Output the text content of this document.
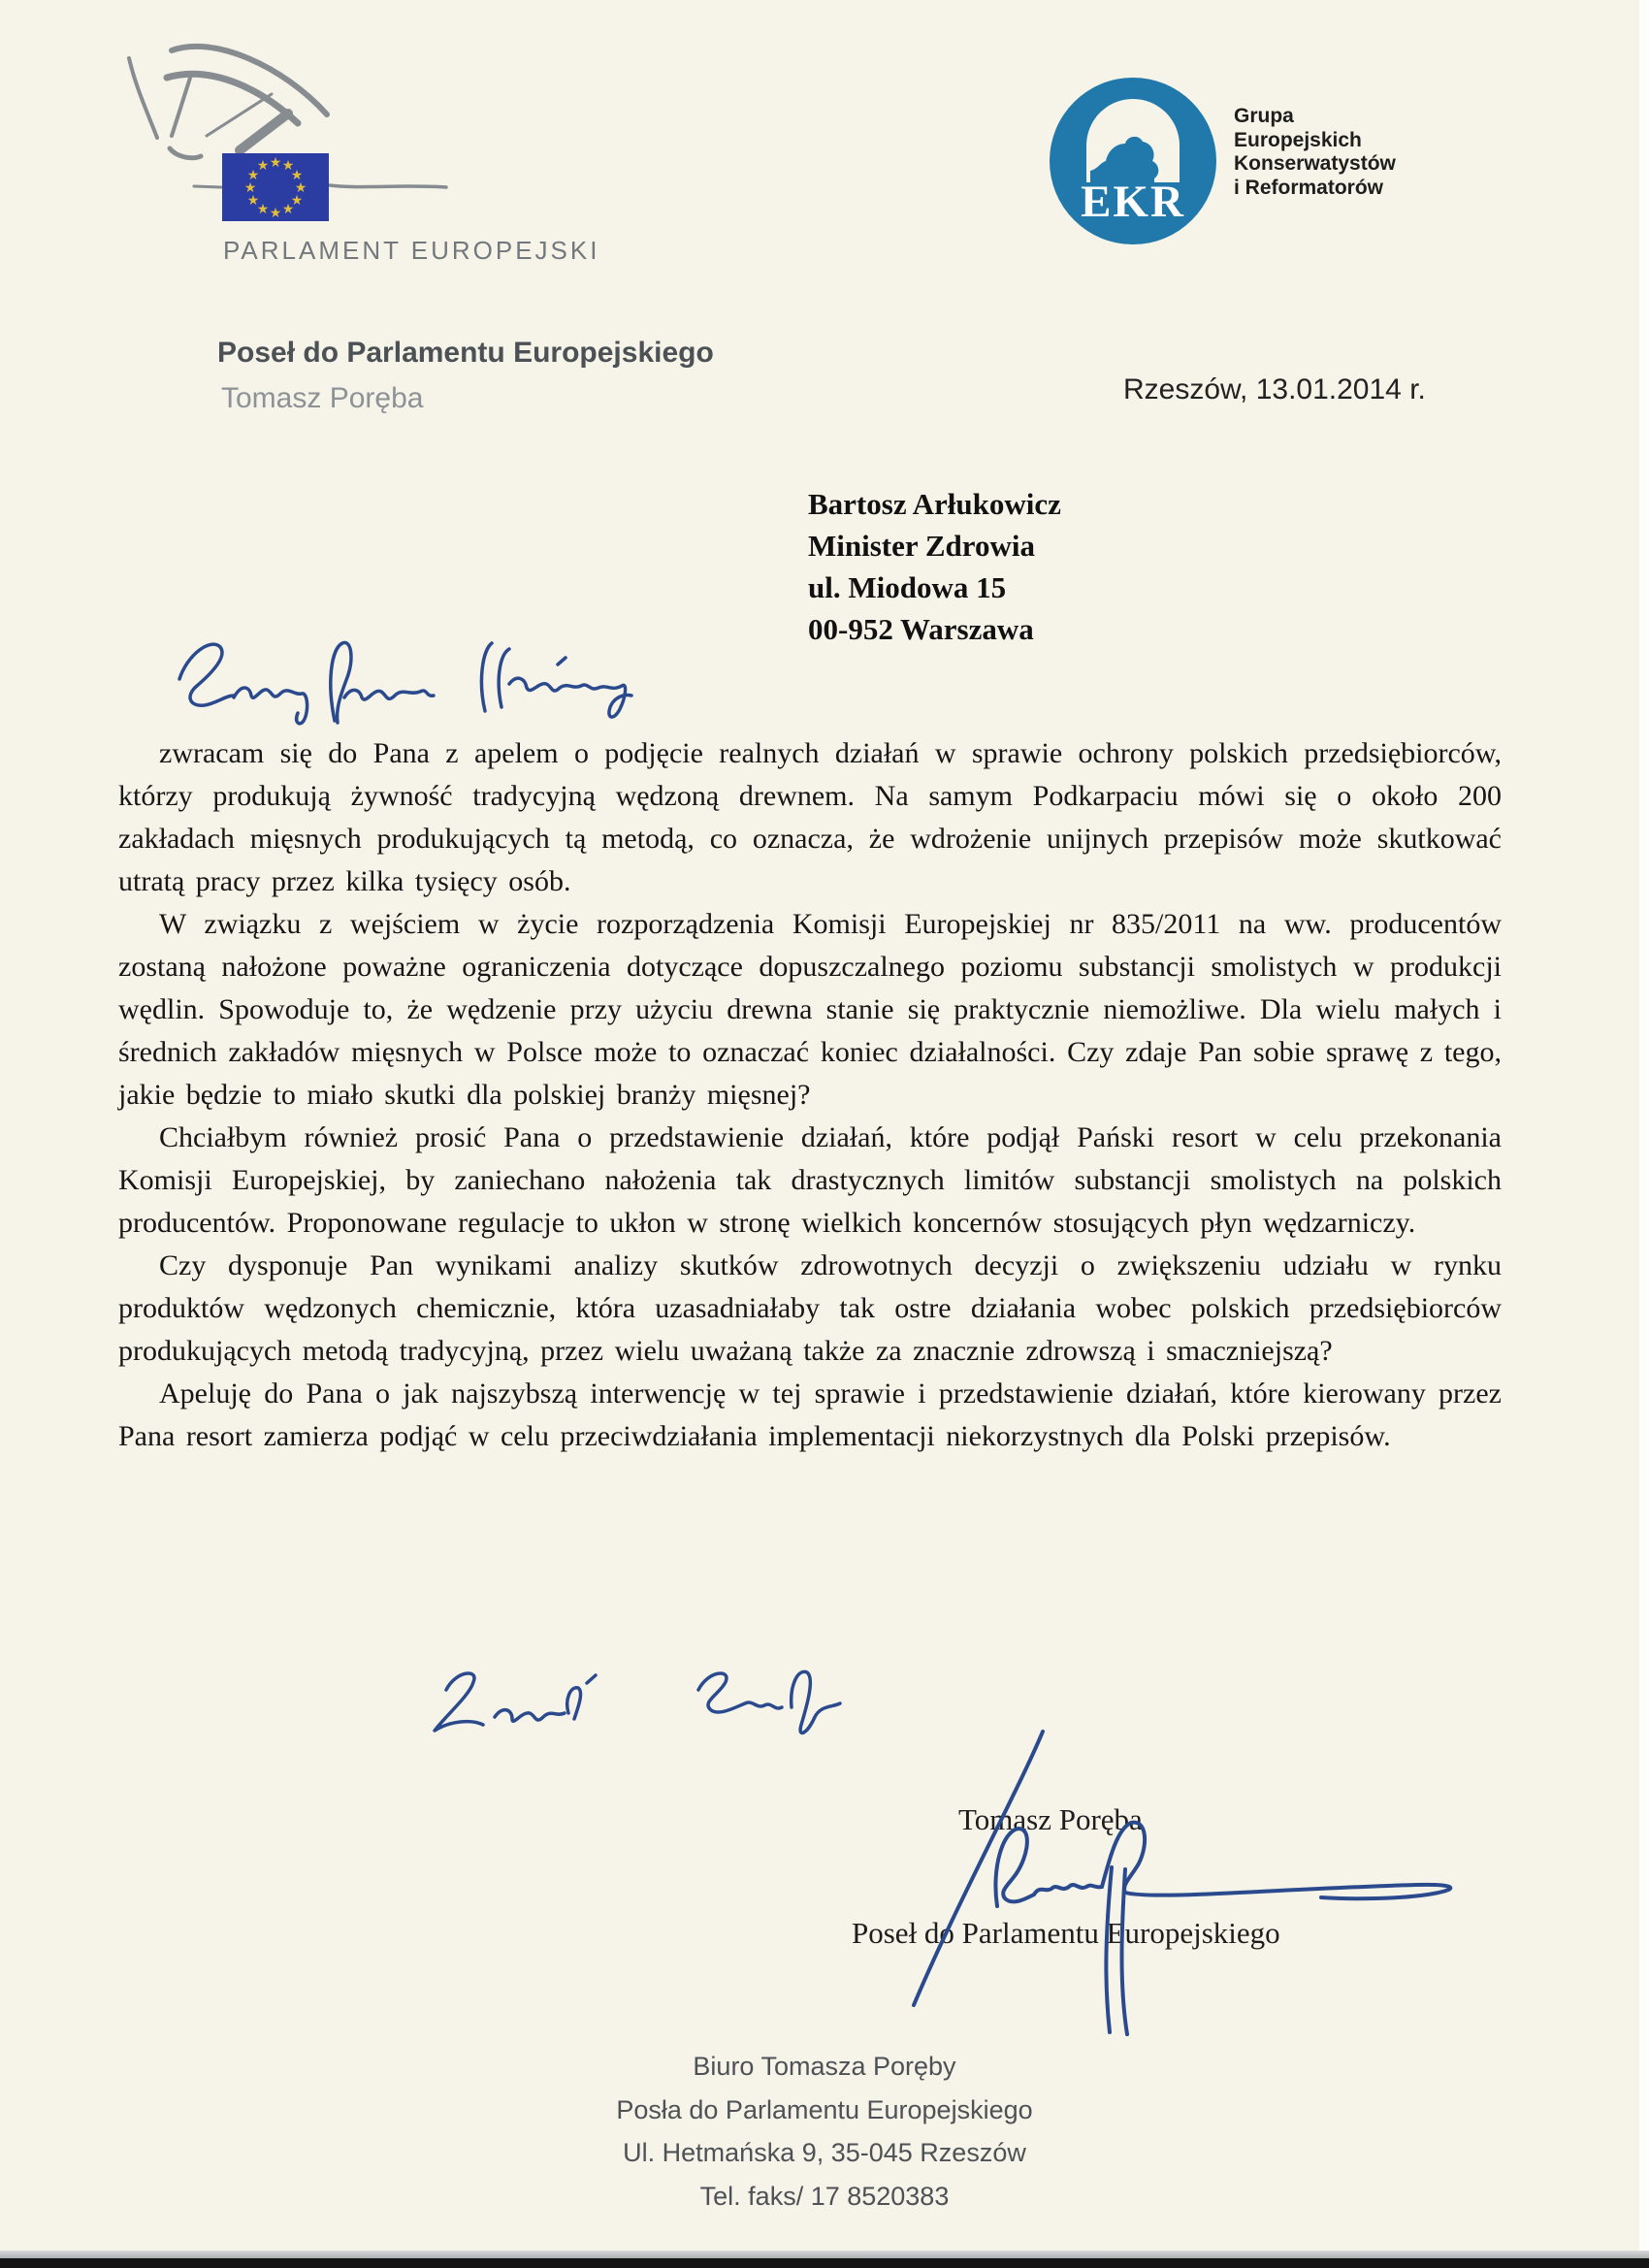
★ ★
★
★
★
★
★
★
★
★
★
★
PARLAMENT EUROPEJSKI
EKR
Grupa
Europejskich
Konserwatystów
i Reformatorów
Poseł do Parlamentu Europejskiego
Tomasz Poręba	Rzeszów, 13.01.2014 r.
Bartosz Arłukowicz
Minister Zdrowia
ul. Miodowa 15
00-952 Warszawa

zwracam się do Pana z apelem o podjęcie realnych działań w sprawie ochrony polskich przedsiębiorców, którzy produkują żywność tradycyjną wędzoną drewnem. Na samym Podkarpaciu mówi się o około 200 zakładach mięsnych produkujących tą metodą, co oznacza, że wdrożenie unijnych przepisów może skutkować utratą pracy przez kilka tysięcy osób.

W związku z wejściem w życie rozporządzenia Komisji Europejskiej nr 835/2011 na ww. producentów zostaną nałożone poważne ograniczenia dotyczące dopuszczalnego poziomu substancji smolistych w produkcji wędlin. Spowoduje to, że wędzenie przy użyciu drewna stanie się praktycznie niemożliwe. Dla wielu małych i średnich zakładów mięsnych w Polsce może to oznaczać koniec działalności. Czy zdaje Pan sobie sprawę z tego, jakie będzie to miało skutki dla polskiej branży mięsnej?

Chciałbym również prosić Pana o przedstawienie działań, które podjął Pański resort w celu przekonania Komisji Europejskiej, by zaniechano nałożenia tak drastycznych limitów substancji smolistych na polskich producentów. Proponowane regulacje to ukłon w stronę wielkich koncernów stosujących płyn wędzarniczy.

Czy dysponuje Pan wynikami analizy skutków zdrowotnych decyzji o zwiększeniu udziału w rynku produktów wędzonych chemicznie, która uzasadniałaby tak ostre działania wobec polskich przedsiębiorców produkujących metodą tradycyjną, przez wielu uważaną także za znacznie zdrowszą i smaczniejszą?

Apeluję do Pana o jak najszybszą interwencję w tej sprawie i przedstawienie działań, które kierowany przez Pana resort zamierza podjąć w celu przeciwdziałania implementacji niekorzystnych dla Polski przepisów.

Tomasz Poręba
Poseł do Parlamentu Europejskiego
Biuro Tomasza Poręby
Posła do Parlamentu Europejskiego
Ul. Hetmańska 9, 35-045 Rzeszów
Tel. faks/ 17 8520383
